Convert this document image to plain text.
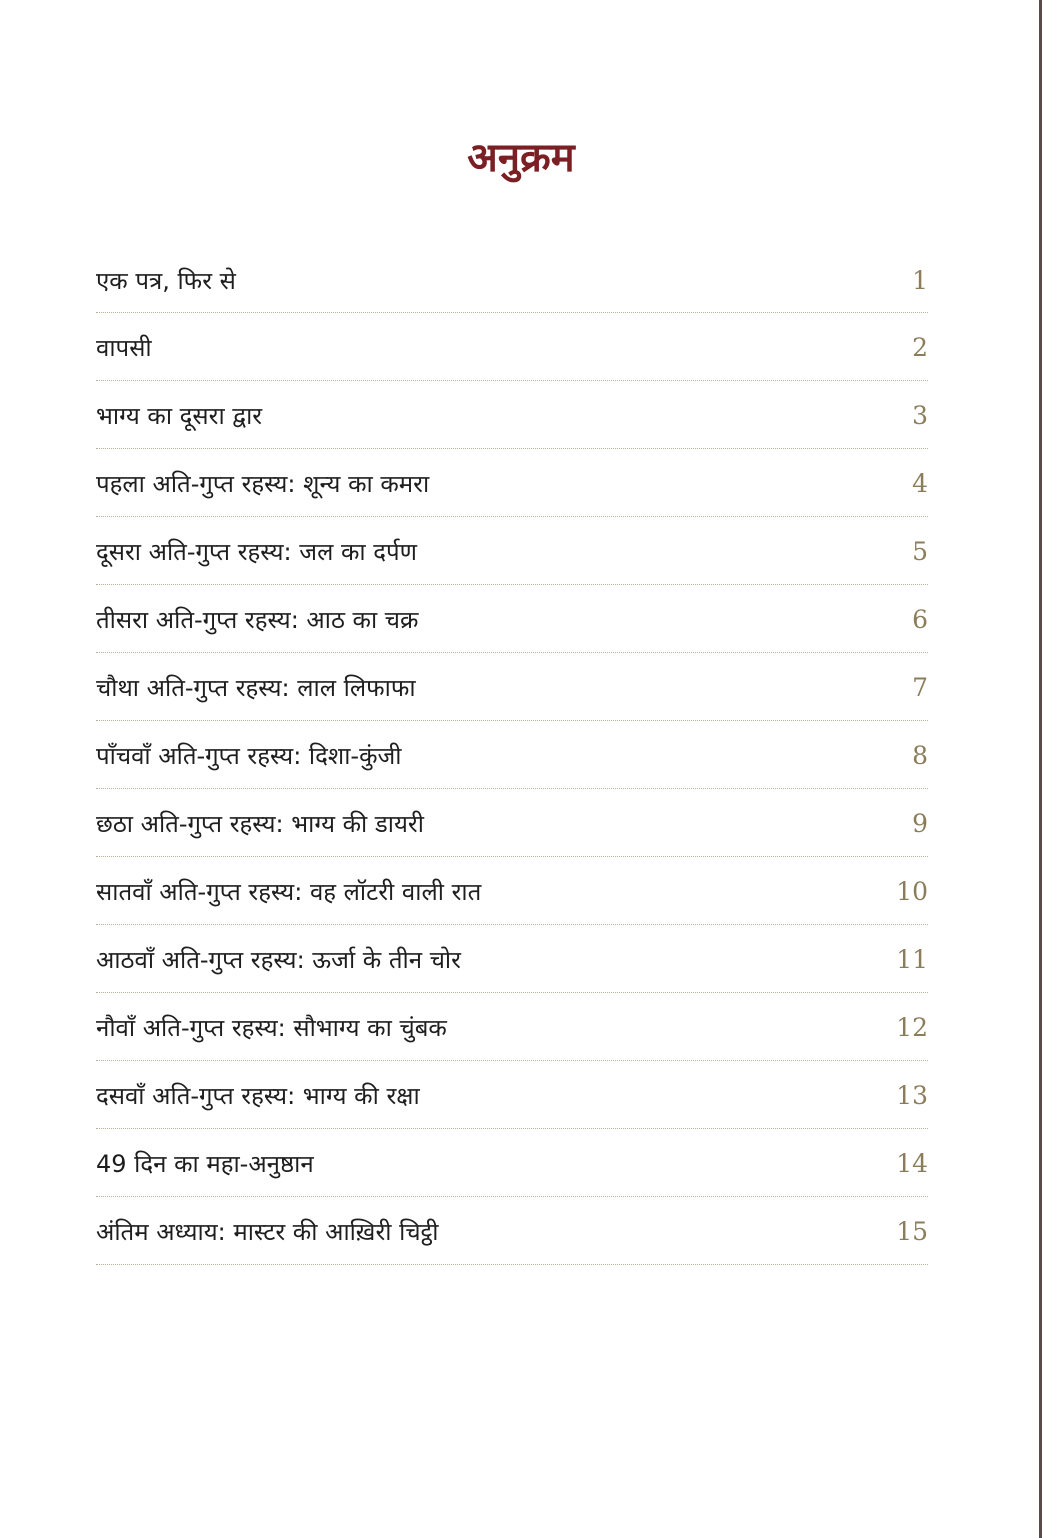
अनुक्रम
एक पत्र, फिर से	1
वापसी	2
भाग्य का दूसरा द्वार	3
पहला अति-गुप्त रहस्य: शून्य का कमरा	4
दूसरा अति-गुप्त रहस्य: जल का दर्पण	5
तीसरा अति-गुप्त रहस्य: आठ का चक्र	6
चौथा अति-गुप्त रहस्य: लाल लिफाफा	7
पाँचवाँ अति-गुप्त रहस्य: दिशा-कुंजी	8
छठा अति-गुप्त रहस्य: भाग्य की डायरी	9
सातवाँ अति-गुप्त रहस्य: वह लॉटरी वाली रात	10
आठवाँ अति-गुप्त रहस्य: ऊर्जा के तीन चोर	11
नौवाँ अति-गुप्त रहस्य: सौभाग्य का चुंबक	12
दसवाँ अति-गुप्त रहस्य: भाग्य की रक्षा	13
49 दिन का महा-अनुष्ठान	14
अंतिम अध्याय: मास्टर की आख़िरी चिट्ठी	15
